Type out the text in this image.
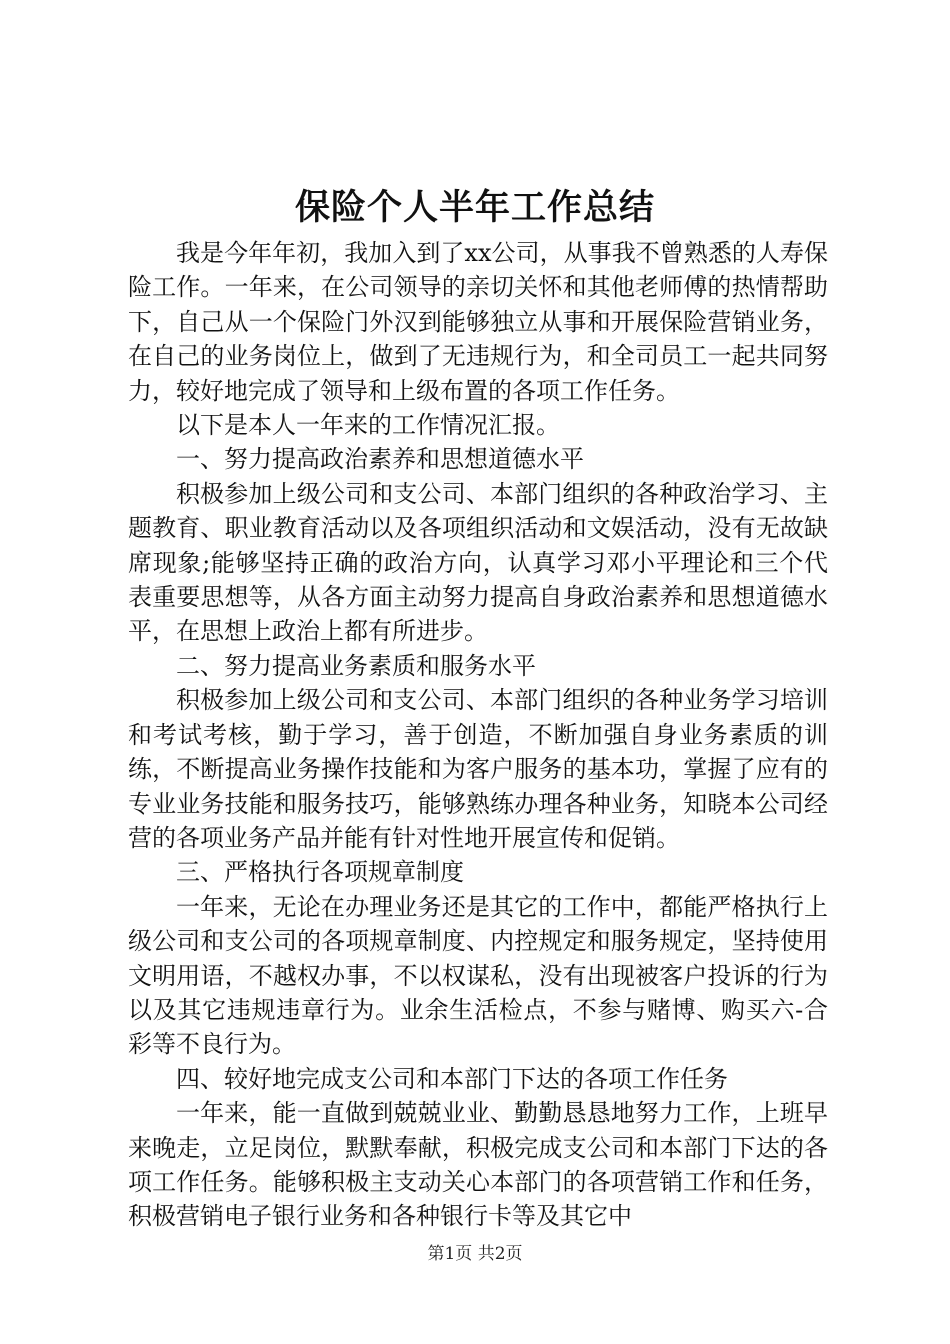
保险个人半年工作总结

我是今年年初，我加入到了xx公司，从事我不曾熟悉的人寿保险工作。一年来，在公司领导的亲切关怀和其他老师傅的热情帮助下，自己从一个保险门外汉到能够独立从事和开展保险营销业务，在自己的业务岗位上，做到了无违规行为，和全司员工一起共同努力，较好地完成了领导和上级布置的各项工作任务。

以下是本人一年来的工作情况汇报。

一、努力提高政治素养和思想道德水平

积极参加上级公司和支公司、本部门组织的各种政治学习、主题教育、职业教育活动以及各项组织活动和文娱活动，没有无故缺席现象;能够坚持正确的政治方向，认真学习邓小平理论和三个代表重要思想等，从各方面主动努力提高自身政治素养和思想道德水平，在思想上政治上都有所进步。

二、努力提高业务素质和服务水平

积极参加上级公司和支公司、本部门组织的各种业务学习培训和考试考核，勤于学习，善于创造，不断加强自身业务素质的训练，不断提高业务操作技能和为客户服务的基本功，掌握了应有的专业业务技能和服务技巧，能够熟练办理各种业务，知晓本公司经营的各项业务产品并能有针对性地开展宣传和促销。

三、严格执行各项规章制度

一年来，无论在办理业务还是其它的工作中，都能严格执行上级公司和支公司的各项规章制度、内控规定和服务规定，坚持使用文明用语，不越权办事，不以权谋私，没有出现被客户投诉的行为以及其它违规违章行为。业余生活检点，不参与赌博、购买六-合彩等不良行为。

四、较好地完成支公司和本部门下达的各项工作任务

一年来，能一直做到兢兢业业、勤勤恳恳地努力工作，上班早来晚走，立足岗位，默默奉献，积极完成支公司和本部门下达的各项工作任务。能够积极主支动关心本部门的各项营销工作和任务，积极营销电子银行业务和各种银行卡等及其它中

第1页 共2页
